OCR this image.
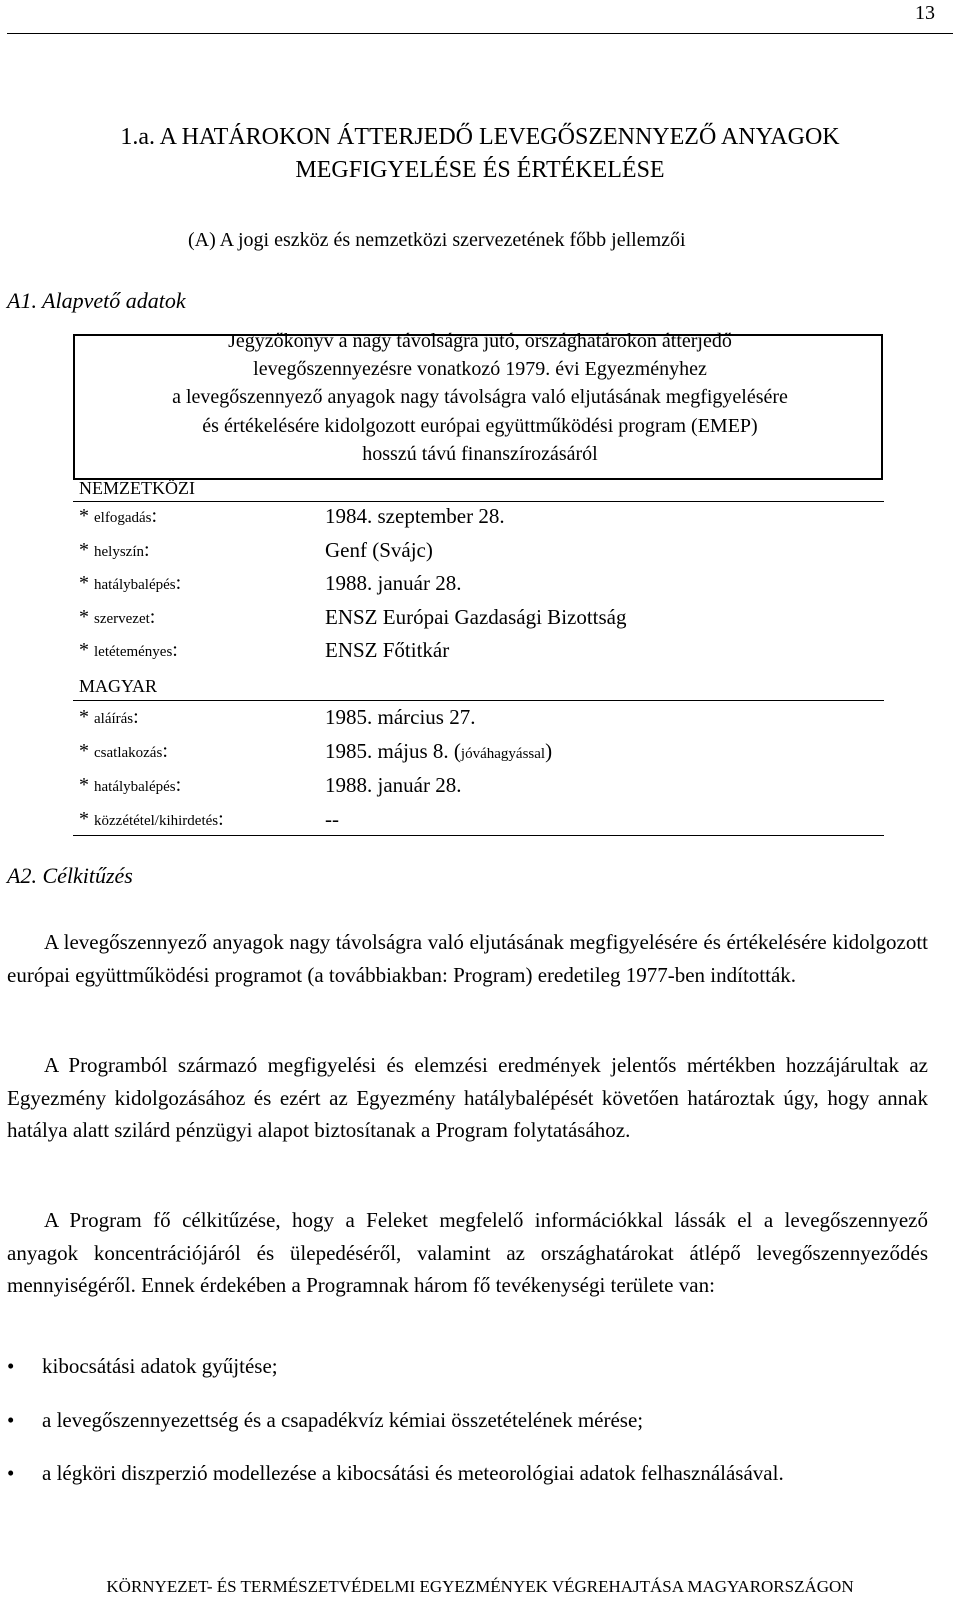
13
1.a. A HATÁROKON ÁTTERJEDŐ LEVEGŐSZENNYEZŐ ANYAGOK
MEGFIGYELÉSE ÉS ÉRTÉKELÉSE
(A) A jogi eszköz és nemzetközi szervezetének főbb jellemzői
A1. Alapvető adatok
Jegyzőkönyv a nagy távolságra jutó, országhatárokon átterjedő
levegőszennyezésre vonatkozó 1979. évi Egyezményhez
a levegőszennyező anyagok nagy távolságra való eljutásának megfigyelésére
és értékelésére kidolgozott európai együttműködési program (EMEP)
hosszú távú finanszírozásáról
NEMZETKÖZI
* elfogadás:	1984. szeptember 28.
* helyszín:	Genf (Svájc)
* hatálybalépés:	1988. január 28.
* szervezet:	ENSZ Európai Gazdasági Bizottság
* letéteményes:	ENSZ Főtitkár
MAGYAR
* aláírás:	1985. március 27.
* csatlakozás:	1985. május 8. (jóváhagyással)
* hatálybalépés:	1988. január 28.
* közzététel/kihirdetés:	--
A2. Célkitűzés

A levegőszennyező anyagok nagy távolságra való eljutásának megfigyelésére és értékelésére kidolgozott európai együttműködési programot (a továbbiakban: Program) eredetileg 1977-ben indították.

A Programból származó megfigyelési és elemzési eredmények jelentős mértékben hozzájárultak az Egyezmény kidolgozásához és ezért az Egyezmény hatálybalépését követően határoztak úgy, hogy annak hatálya alatt szilárd pénzügyi alapot biztosítanak a Program folytatásához.

A Program fő célkitűzése, hogy a Feleket megfelelő információkkal lássák el a levegőszennyező anyagok koncentrációjáról és ülepedéséről, valamint az országhatárokat átlépő levegőszennyeződés mennyiségéről. Ennek érdekében a Programnak három fő tevékenységi területe van:

• kibocsátási adatok gyűjtése;
• a levegőszennyezettség és a csapadékvíz kémiai összetételének mérése;
• a légköri diszperzió modellezése a kibocsátási és meteorológiai adatok felhasználásával.
KÖRNYEZET- ÉS TERMÉSZETVÉDELMI EGYEZMÉNYEK VÉGREHAJTÁSA MAGYARORSZÁGON
